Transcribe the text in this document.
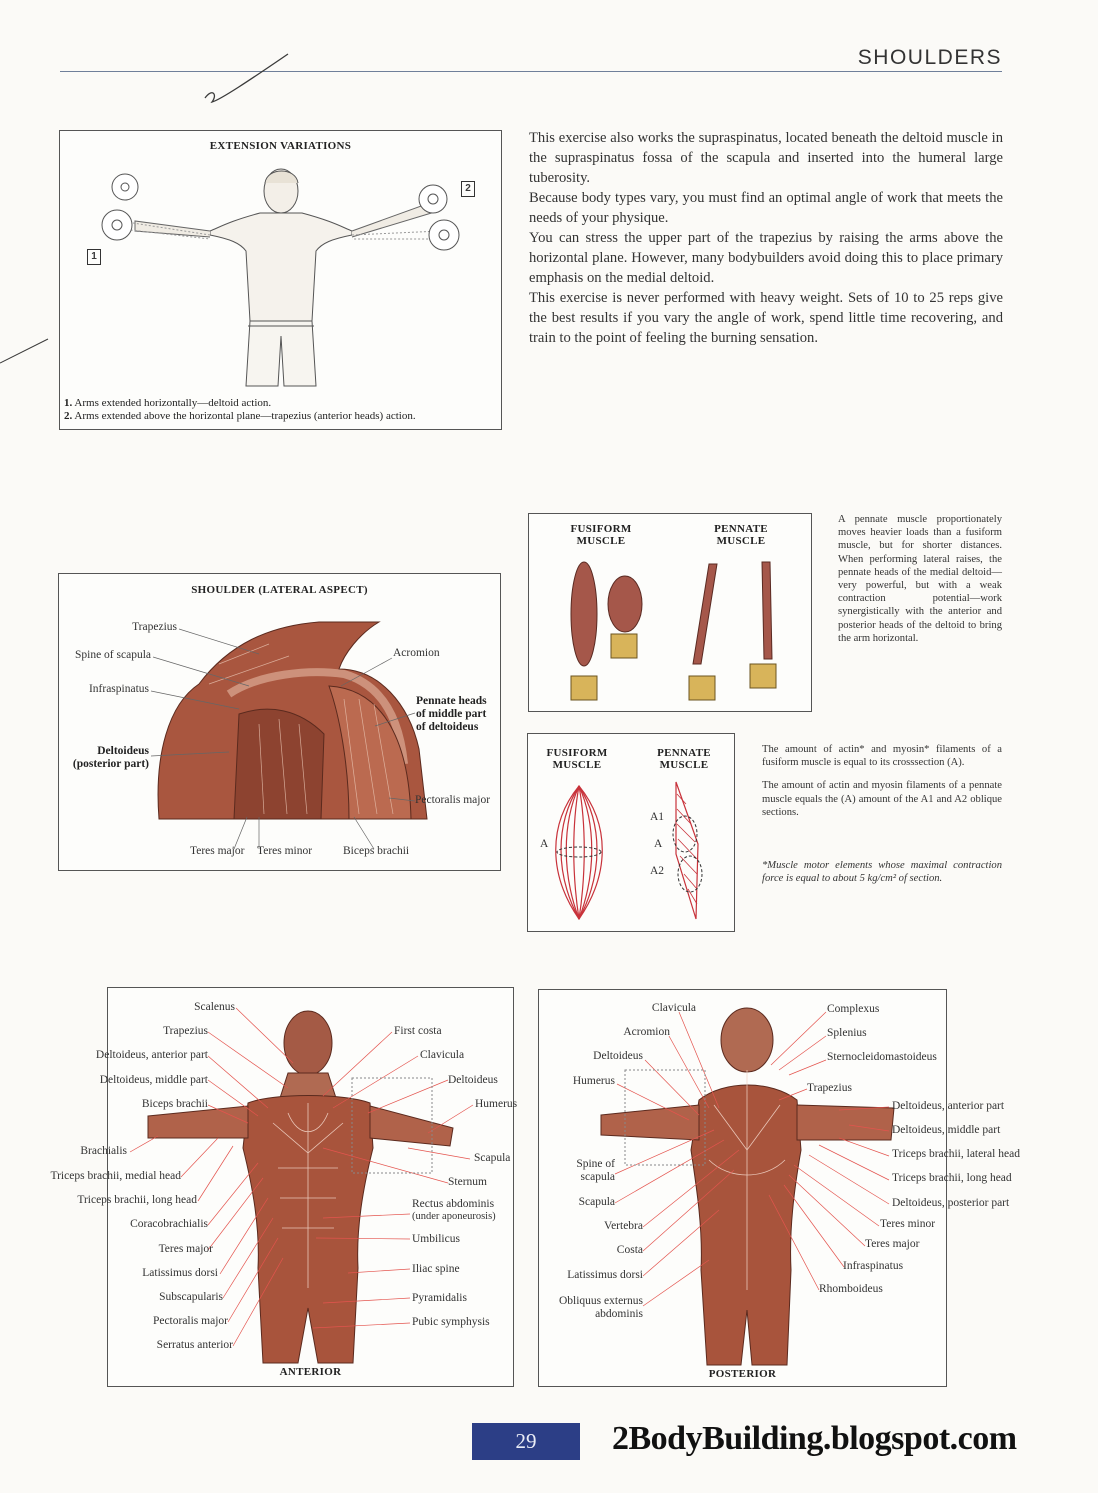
SHOULDERS
EXTENSION VARIATIONS
1
2
1. Arms extended horizontally—deltoid action.
2. Arms extended above the horizontal plane—trapezius (anterior heads) action.

This exercise also works the supraspinatus, located beneath the deltoid muscle in the supraspinatus fossa of the scapula and inserted into the humeral large tuberosity.

Because body types vary, you must find an optimal angle of work that meets the needs of your physique.

You can stress the upper part of the trapezius by raising the arms above the horizontal plane. However, many bodybuilders avoid doing this to place primary emphasis on the medial deltoid.

This exercise is never performed with heavy weight. Sets of 10 to 25 reps give the best results if you vary the angle of work, spend little time recovering, and train to the point of feeling the burning sensation.

FUSIFORM
MUSCLE
PENNATE
MUSCLE
A pennate muscle proportionately moves heavier loads than a fusiform muscle, but for shorter distances. When performing lateral raises, the pennate heads of the medial deltoid—very powerful, but with a weak contraction potential—work synergistically with the anterior and posterior heads of the deltoid to bring the arm horizontal.
FUSIFORM
MUSCLE
PENNATE
MUSCLE
A
A1
A
A2

The amount of actin* and myosin* filaments of a fusiform muscle is equal to its crosssection (A).

The amount of actin and myosin filaments of a pennate muscle equals the (A) amount of the A1 and A2 oblique sections.

*Muscle motor elements whose maximal contraction force is equal to about 5 kg/cm² of section.

SHOULDER (LATERAL ASPECT)
Trapezius
Spine of scapula
Infraspinatus
Deltoideus
(posterior part)
Acromion
Pennate heads
of middle part
of deltoideus
Pectoralis major
Teres major Teres minor	Biceps brachii
Scalenus
Trapezius
Deltoideus, anterior part
Deltoideus, middle part
Biceps brachii
Brachialis
Triceps brachii, medial head
Triceps brachii, long head
Coracobrachialis
Teres major
Latissimus dorsi
Subscapularis
Pectoralis major
Serratus anterior
First costa
Clavicula
Deltoideus
Humerus
Scapula
Sternum
Rectus abdominis
(under aponeurosis)
Umbilicus
Iliac spine
Pyramidalis
Pubic symphysis
ANTERIOR
Clavicula
Acromion
Deltoideus
Humerus
Spine of
scapula
Scapula
Vertebra
Costa
Latissimus dorsi
Obliquus externus
abdominis
Complexus
Splenius
Sternocleidomastoideus
Trapezius
Deltoideus, anterior part
Deltoideus, middle part
Triceps brachii, lateral head
Triceps brachii, long head
Deltoideus, posterior part
Teres minor
Teres major
Infraspinatus
Rhomboideus
POSTERIOR
29	2BodyBuilding.blogspot.com
